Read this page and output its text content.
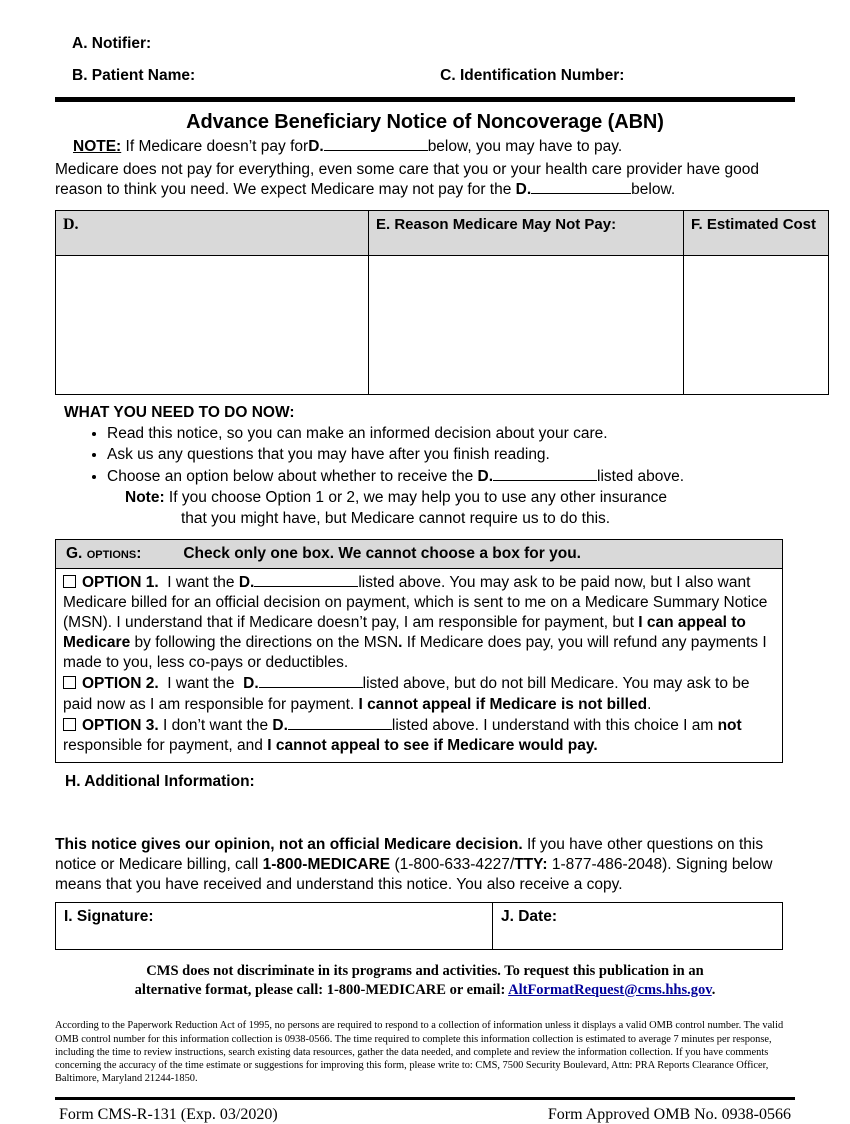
A. Notifier:
B. Patient Name:	C. Identification Number:
Advance Beneficiary Notice of Noncoverage (ABN)
NOTE: If Medicare doesn’t pay forD.	below, you may have to pay.
Medicare does not pay for everything, even some care that you or your health care provider have good reason to think you need. We expect Medicare may not pay for the D.	below.
D.	E. Reason Medicare May Not Pay:	F. Estimated Cost

WHAT YOU NEED TO DO NOW:
• Read this notice, so you can make an informed decision about your care.
• Ask us any questions that you may have after you finish reading.
• Choose an option below about whether to receive the D.	listed above.
Note: If you choose Option 1 or 2, we may help you to use any other insurance
that you might have, but Medicare cannot require us to do this.
G.
options:	Check only one box. We cannot choose a box for you.

OPTION 1. I want the D.	listed above. You may ask to be paid now, but I also want Medicare billed for an official decision on payment, which is sent to me on a Medicare Summary Notice (MSN). I understand that if Medicare doesn’t pay, I am responsible for payment, but I can appeal to Medicare by following the directions on the MSN. If Medicare does pay, you will refund any payments I made to you, less co-pays or deductibles.

OPTION 2. I want the D.	listed above, but do not bill Medicare. You may ask to be paid now as I am responsible for payment. I cannot appeal if Medicare is not billed.

OPTION 3. I don’t want the D.	listed above. I understand with this choice I am not responsible for payment, and I cannot appeal to see if Medicare would pay.

H. Additional Information:
This notice gives our opinion, not an official Medicare decision. If you have other questions on this notice or Medicare billing, call 1-800-MEDICARE (1-800-633-4227/TTY: 1-877-486-2048). Signing below means that you have received and understand this notice. You also receive a copy.
I. Signature:	J. Date:
CMS does not discriminate in its programs and activities. To request this publication in an
alternative format, please call: 1-800-MEDICARE or email: AltFormatRequest@cms.hhs.gov.
According to the Paperwork Reduction Act of 1995, no persons are required to respond to a collection of information unless it displays a valid OMB control number. The valid OMB control number for this information collection is 0938-0566. The time required to complete this information collection is estimated to average 7 minutes per response, including the time to review instructions, search existing data resources, gather the data needed, and complete and review the information collection. If you have comments concerning the accuracy of the time estimate or suggestions for improving this form, please write to: CMS, 7500 Security Boulevard, Attn: PRA Reports Clearance Officer, Baltimore, Maryland 21244-1850.
Form CMS-R-131 (Exp. 03/2020)	Form Approved OMB No. 0938-0566
